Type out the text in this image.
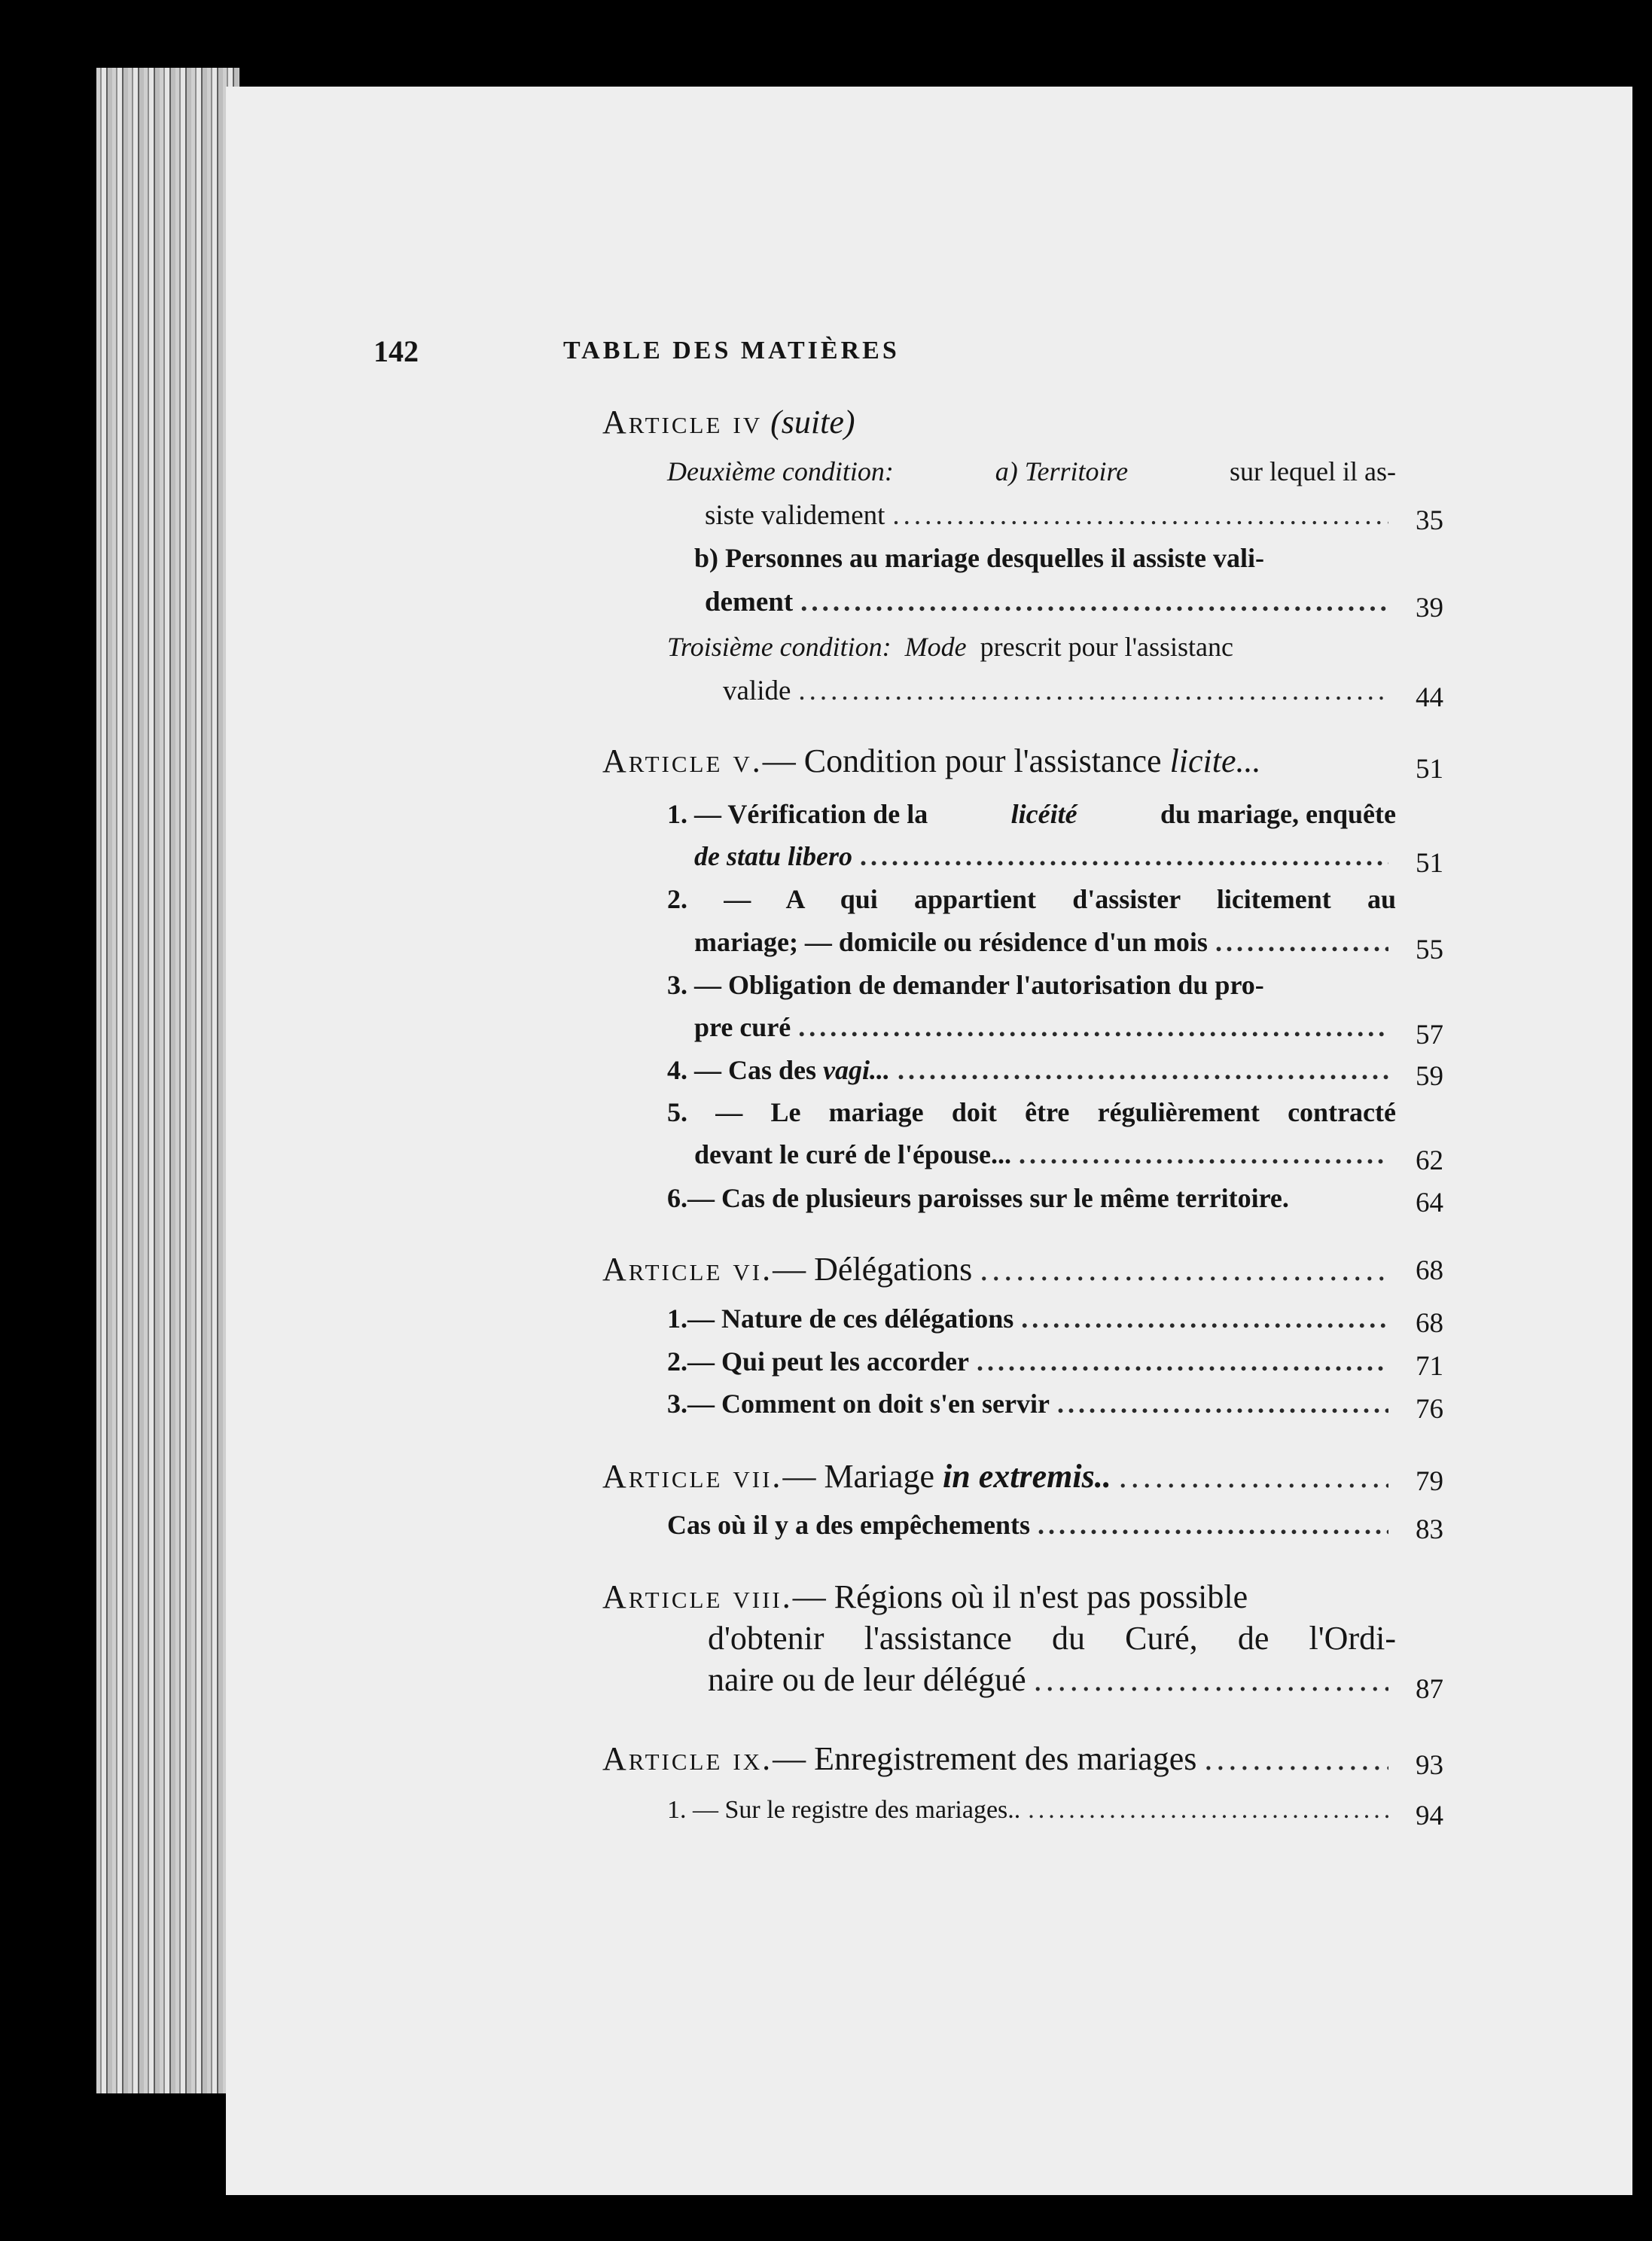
142	TABLE DES MATIÈRES
Article iv (suite)
Deuxième condition:	a) Territoire	sur lequel il as-
siste validement .....	35
b) Personnes au mariage desquelles il assiste vali-
dement .....	39
Troisième condition: Mode prescrit pour l'assistanc
valide .....	44
Article v.— Condition pour l'assistance licite...	51
1. — Vérification de la	licéité	du mariage, enquête
de statu libero .....	51
2. — A qui appartient d'assister licitement au
mariage; — domicile ou résidence d'un mois .....	55
3. — Obligation de demander l'autorisation du pro-
pre curé .....	57
4. — Cas des vagi... .....	59
5. — Le mariage doit être régulièrement contracté
devant le curé de l'épouse... .....	62
6.— Cas de plusieurs paroisses sur le même territoire.	64
Article vi.— Délégations .....	68
1.— Nature de ces délégations .....	68
2.— Qui peut les accorder .....	71
3.— Comment on doit s'en servir .....	76
Article vii.— Mariage in extremis.. .....	79
Cas où il y a des empêchements .....	83
Article viii. — Régions où il n'est pas possible
d'obtenir l'assistance du Curé, de l'Ordi-
naire ou de leur délégué .....	87
Article ix.— Enregistrement des mariages .....	93
1. — Sur le registre des mariages.. .....	94
